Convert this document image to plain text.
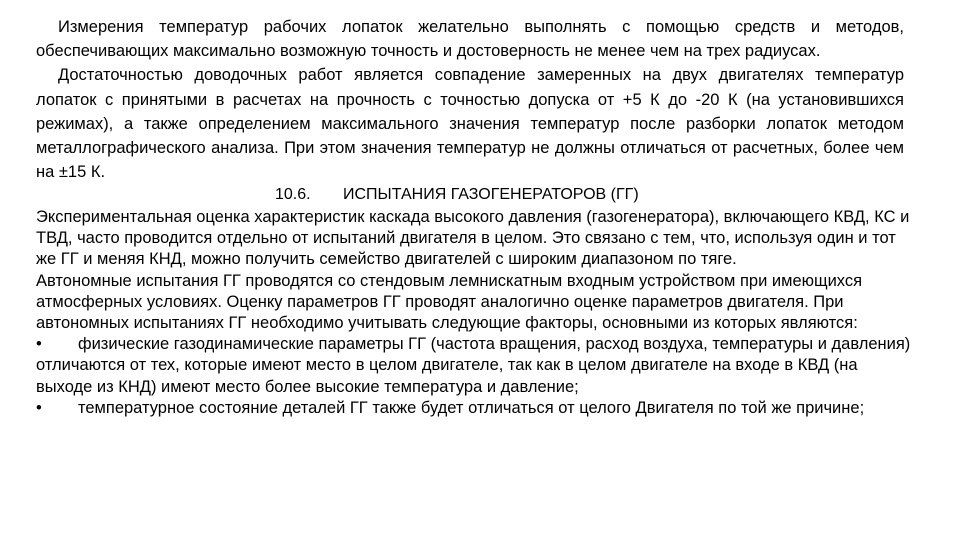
Измерения температур рабочих лопаток желательно выполнять с помощью средств и методов, обеспечивающих максимально возможную точность и достоверность не менее чем на трех радиусах.

Достаточностью доводочных работ является совпадение замеренных на двух двигателях температур лопаток с принятыми в расчетах на прочность с точностью допуска от +5 К до -20 К (на установившихся режимах), а также определением максимального значения температур после разборки лопаток методом металлографического анализа. При этом значения температур не должны отличаться от расчетных, более чем на ±15 К.

10.6. ИСПЫТАНИЯ ГАЗОГЕНЕРАТОРОВ (ГГ)

Экспериментальная оценка характеристик каскада высокого давления (газогенератора), включающего КВД, КС и ТВД, часто проводится отдельно от испытаний двигателя в целом. Это связано с тем, что, используя один и тот же ГГ и меняя КНД, можно получить семейство двигателей с широким диапазоном по тяге.

Автономные испытания ГГ проводятся со стендовым лемнискатным входным устройством при имеющихся атмосферных условиях. Оценку параметров ГГ проводят аналогично оценке параметров двигателя. При автономных испытаниях ГГ необходимо учитывать следующие факторы, основными из которых являются:

• физические газодинамические параметры ГГ (частота вращения, расход воздуха, температуры и давления) отличаются от тех, которые имеют место в целом двигателе, так как в целом двигателе на входе в КВД (на выходе из КНД) имеют место более высокие температура и давление;

• температурное состояние деталей ГГ также будет отличаться от целого Двигателя по той же причине;
